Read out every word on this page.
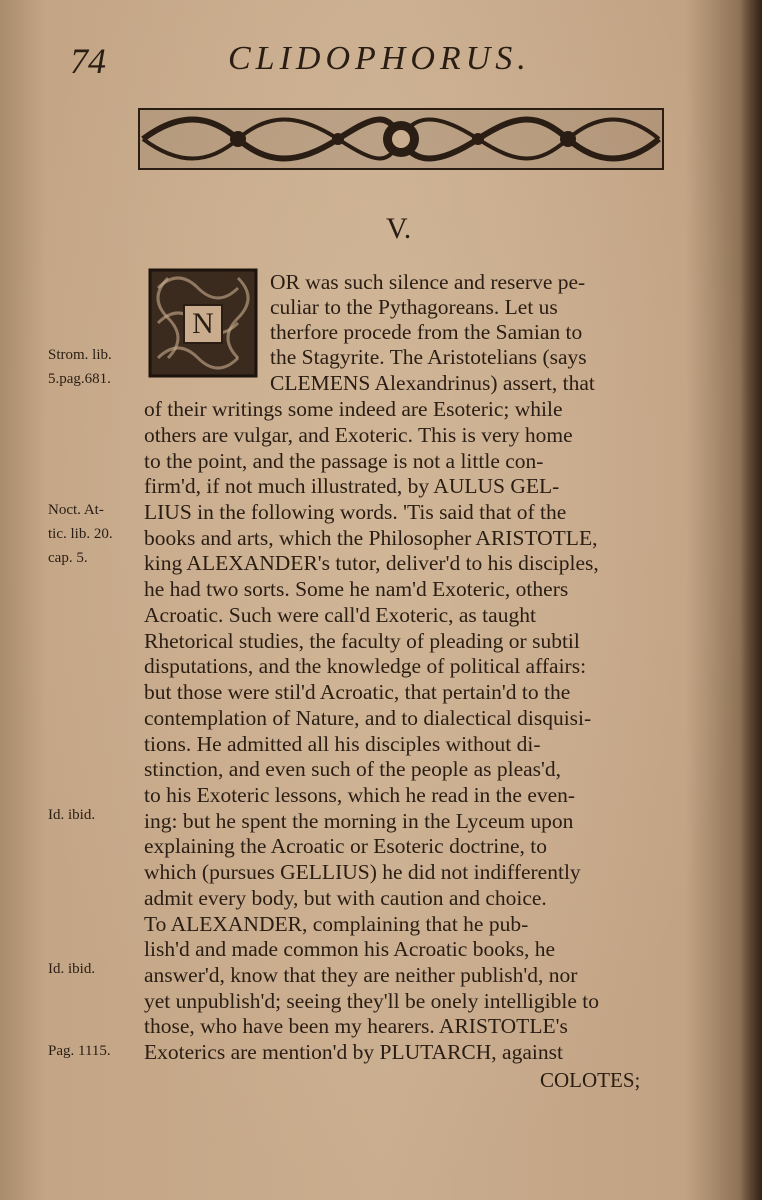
74	CLIDOPHORUS.
V.
N
Strom. lib.
5.pag.681.
Noct. At-
tic. lib. 20.
cap. 5.
Id. ibid.
Id. ibid.
Pag. 1115.
OR was such silence and reserve pe-
culiar to the Pythagoreans. Let us
therfore procede from the Samian to
the Stagyrite. The Aristotelians (says
CLEMENS Alexandrinus) assert, that
of their writings some indeed are Esoteric; while
others are vulgar, and Exoteric. This is very home
to the point, and the passage is not a little con-
firm'd, if not much illustrated, by AULUS GEL-
LIUS in the following words. 'Tis said that of the
books and arts, which the Philosopher ARISTOTLE,
king ALEXANDER's tutor, deliver'd to his disciples,
he had two sorts. Some he nam'd Exoteric, others
Acroatic. Such were call'd Exoteric, as taught
Rhetorical studies, the faculty of pleading or subtil
disputations, and the knowledge of political affairs:
but those were stil'd Acroatic, that pertain'd to the
contemplation of Nature, and to dialectical disquisi-
tions. He admitted all his disciples without di-
stinction, and even such of the people as pleas'd,
to his Exoteric lessons, which he read in the even-
ing: but he spent the morning in the Lyceum upon
explaining the Acroatic or Esoteric doctrine, to
which (pursues GELLIUS) he did not indifferently
admit every body, but with caution and choice.
To ALEXANDER, complaining that he pub-
lish'd and made common his Acroatic books, he
answer'd, know that they are neither publish'd, nor
yet unpublish'd; seeing they'll be onely intelligible to
those, who have been my hearers. ARISTOTLE's
Exoterics are mention'd by PLUTARCH, against
COLOTES;
